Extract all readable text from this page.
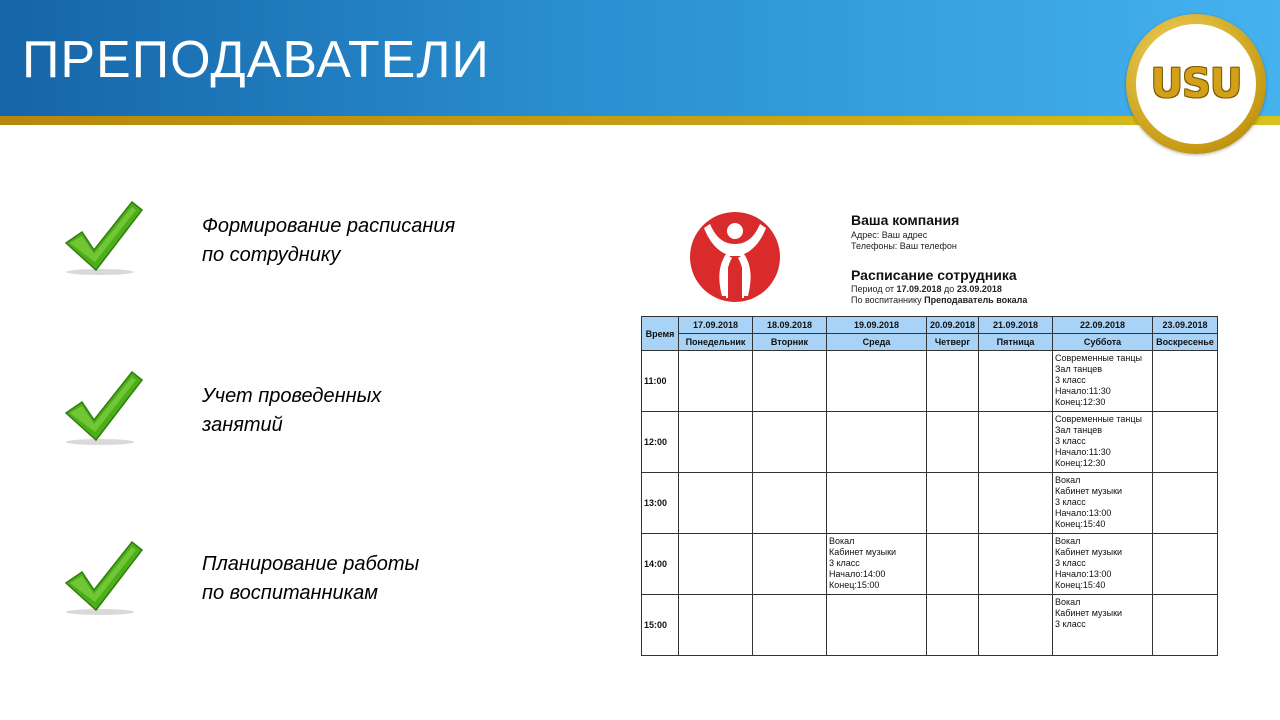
ПРЕПОДАВАТЕЛИ	USU
Формирование расписания
по сотруднику
Учет проведенных
занятий
Планирование работы
по воспитанникам
Ваша компания
Адрес: Ваш адрес
Телефоны: Ваш телефон
Расписание сотрудника
Период от 17.09.2018 до 23.09.2018
По воспитаннику Преподаватель вокала
Время	17.09.2018	18.09.2018	19.09.2018	20.09.2018	21.09.2018	22.09.2018	23.09.2018
	Понедельник	Вторник	Среда	Четверг	Пятница	Суббота	Воскресенье
11:00						Современные танцы
Зал танцев
3 класс
Начало:11:30
Конец:12:30	

12:00						Современные танцы
Зал танцев
3 класс
Начало:11:30
Конец:12:30	

13:00						Вокал
Кабинет музыки
3 класс
Начало:13:00
Конец:15:40	

14:00			Вокал
Кабинет музыки
3 класс
Начало:14:00
Конец:15:00			Вокал
Кабинет музыки
3 класс
Начало:13:00
Конец:15:40	

15:00						Вокал
Кабинет музыки
3 класс	
